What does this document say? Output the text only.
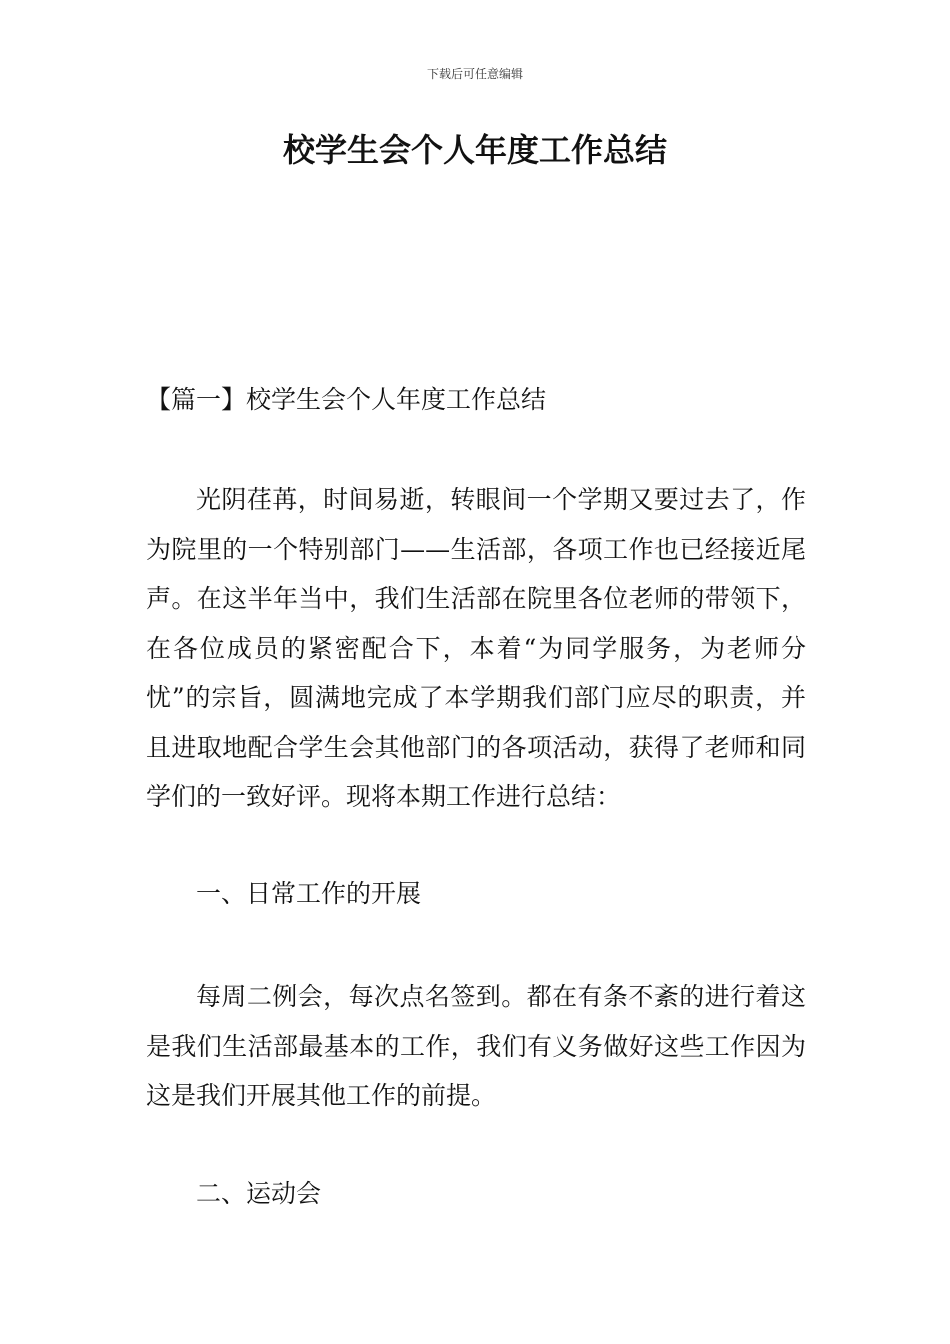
下载后可任意编辑
校学生会个人年度工作总结

【篇一】校学生会个人年度工作总结

光阴荏苒，时间易逝，转眼间一个学期又要过去了，作为院里的一个特别部门——生活部，各项工作也已经接近尾声。在这半年当中，我们生活部在院里各位老师的带领下，在各位成员的紧密配合下，本着“为同学服务，为老师分忧”的宗旨，圆满地完成了本学期我们部门应尽的职责，并且进取地配合学生会其他部门的各项活动，获得了老师和同学们的一致好评。现将本期工作进行总结：

一、日常工作的开展

每周二例会，每次点名签到。都在有条不紊的进行着这是我们生活部最基本的工作，我们有义务做好这些工作因为这是我们开展其他工作的前提。

二、运动会
